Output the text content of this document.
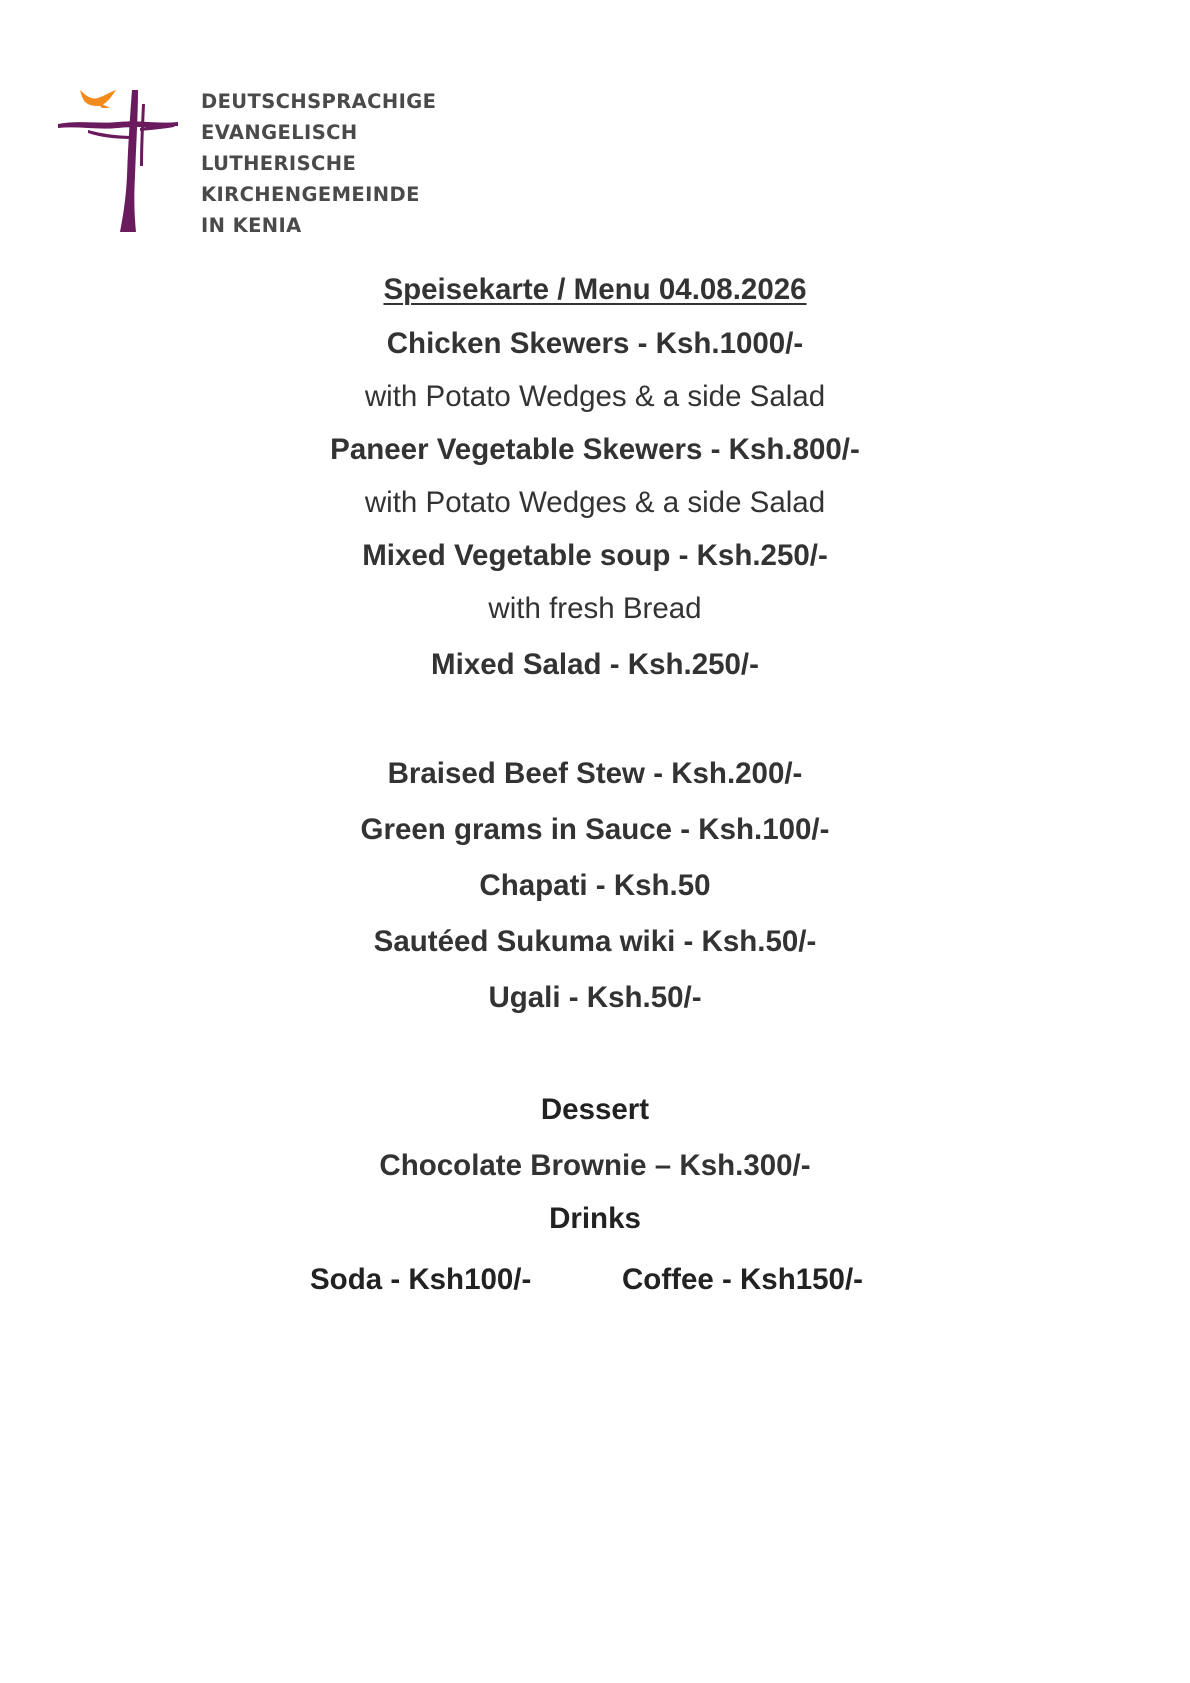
DEUTSCHSPRACHIGE
EVANGELISCH
LUTHERISCHE
KIRCHENGEMEINDE
IN KENIA
Speisekarte / Menu 04.08.2026
Chicken Skewers - Ksh.1000/-
with Potato Wedges & a side Salad
Paneer Vegetable Skewers - Ksh.800/-
with Potato Wedges & a side Salad
Mixed Vegetable soup - Ksh.250/-
with fresh Bread
Mixed Salad - Ksh.250/-
Braised Beef Stew - Ksh.200/-
Green grams in Sauce - Ksh.100/-
Chapati - Ksh.50
Sautéed Sukuma wiki - Ksh.50/-
Ugali - Ksh.50/-
Dessert
Chocolate Brownie – Ksh.300/-
Drinks
Soda - Ksh100/-	Coffee - Ksh150/-
